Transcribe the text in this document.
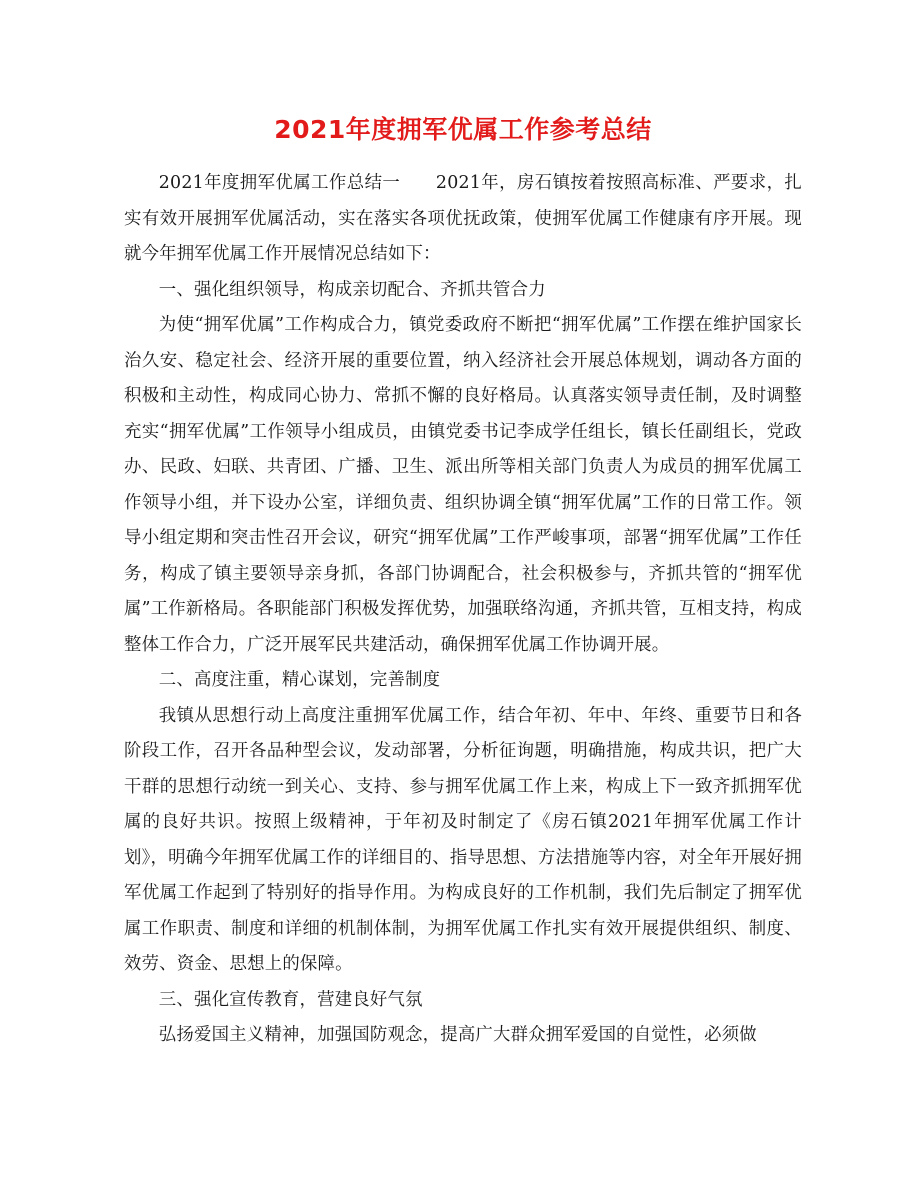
2021年度拥军优属工作参考总结

2021年度拥军优属工作总结一　　2021年，房石镇按着按照高标准、严要求，扎实有效开展拥军优属活动，实在落实各项优抚政策，使拥军优属工作健康有序开展。现就今年拥军优属工作开展情况总结如下：

一、强化组织领导，构成亲切配合、齐抓共管合力

为使“拥军优属”工作构成合力，镇党委政府不断把“拥军优属”工作摆在维护国家长治久安、稳定社会、经济开展的重要位置，纳入经济社会开展总体规划，调动各方面的积极和主动性，构成同心协力、常抓不懈的良好格局。认真落实领导责任制，及时调整充实“拥军优属”工作领导小组成员，由镇党委书记李成学任组长，镇长任副组长，党政办、民政、妇联、共青团、广播、卫生、派出所等相关部门负责人为成员的拥军优属工作领导小组，并下设办公室，详细负责、组织协调全镇“拥军优属”工作的日常工作。领导小组定期和突击性召开会议，研究“拥军优属”工作严峻事项，部署“拥军优属”工作任务，构成了镇主要领导亲身抓，各部门协调配合，社会积极参与，齐抓共管的“拥军优属”工作新格局。各职能部门积极发挥优势，加强联络沟通，齐抓共管，互相支持，构成整体工作合力，广泛开展军民共建活动，确保拥军优属工作协调开展。

二、高度注重，精心谋划，完善制度

我镇从思想行动上高度注重拥军优属工作，结合年初、年中、年终、重要节日和各阶段工作，召开各品种型会议，发动部署，分析征询题，明确措施，构成共识，把广大干群的思想行动统一到关心、支持、参与拥军优属工作上来，构成上下一致齐抓拥军优属的良好共识。按照上级精神，于年初及时制定了《房石镇2021年拥军优属工作计划》，明确今年拥军优属工作的详细目的、指导思想、方法措施等内容，对全年开展好拥军优属工作起到了特别好的指导作用。为构成良好的工作机制，我们先后制定了拥军优属工作职责、制度和详细的机制体制，为拥军优属工作扎实有效开展提供组织、制度、效劳、资金、思想上的保障。

三、强化宣传教育，营建良好气氛

弘扬爱国主义精神，加强国防观念，提高广大群众拥军爱国的自觉性，必须做
